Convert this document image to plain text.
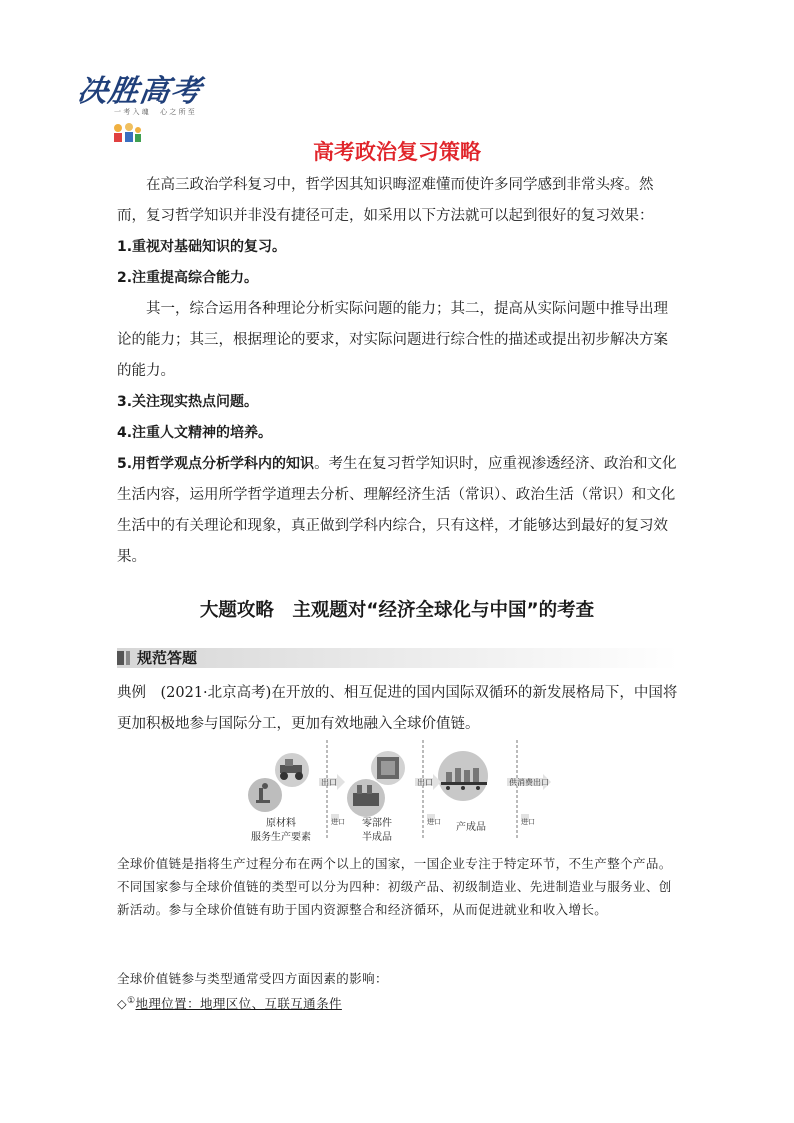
决胜高考
一 考 入 魂 　 心 之 所 至
高考政治复习策略
在高三政治学科复习中，哲学因其知识晦涩难懂而使许多同学感到非常头疼。然而，复习哲学知识并非没有捷径可走，如采用以下方法就可以起到很好的复习效果：
1.重视对基础知识的复习。
2.注重提高综合能力。
其一，综合运用各种理论分析实际问题的能力；其二，提高从实际问题中推导出理论的能力；其三，根据理论的要求，对实际问题进行综合性的描述或提出初步解决方案的能力。
3.关注现实热点问题。
4.注重人文精神的培养。
5.用哲学观点分析学科内的知识。考生在复习哲学知识时，应重视渗透经济、政治和文化生活内容，运用所学哲学道理去分析、理解经济生活（常识）、政治生活（常识）和文化生活中的有关理论和现象，真正做到学科内综合，只有这样，才能够达到最好的复习效果。
大题攻略　主观题对“经济全球化与中国”的考查
规范答题
典例　(2021·北京高考)在开放的、相互促进的国内国际双循环的新发展格局下，中国将更加积极地参与国际分工，更加有效地融入全球价值链。
出口	出口	供消费出口
进口	进口	进口
原材料
服务生产要素
零部件
半成品
产成品
全球价值链是指将生产过程分布在两个以上的国家，一国企业专注于特定环节，不生产整个产品。不同国家参与全球价值链的类型可以分为四种：初级产品、初级制造业、先进制造业与服务业、创新活动。参与全球价值链有助于国内资源整合和经济循环，从而促进就业和收入增长。
全球价值链参与类型通常受四方面因素的影响：
◇①地理位置：地理区位、互联互通条件
